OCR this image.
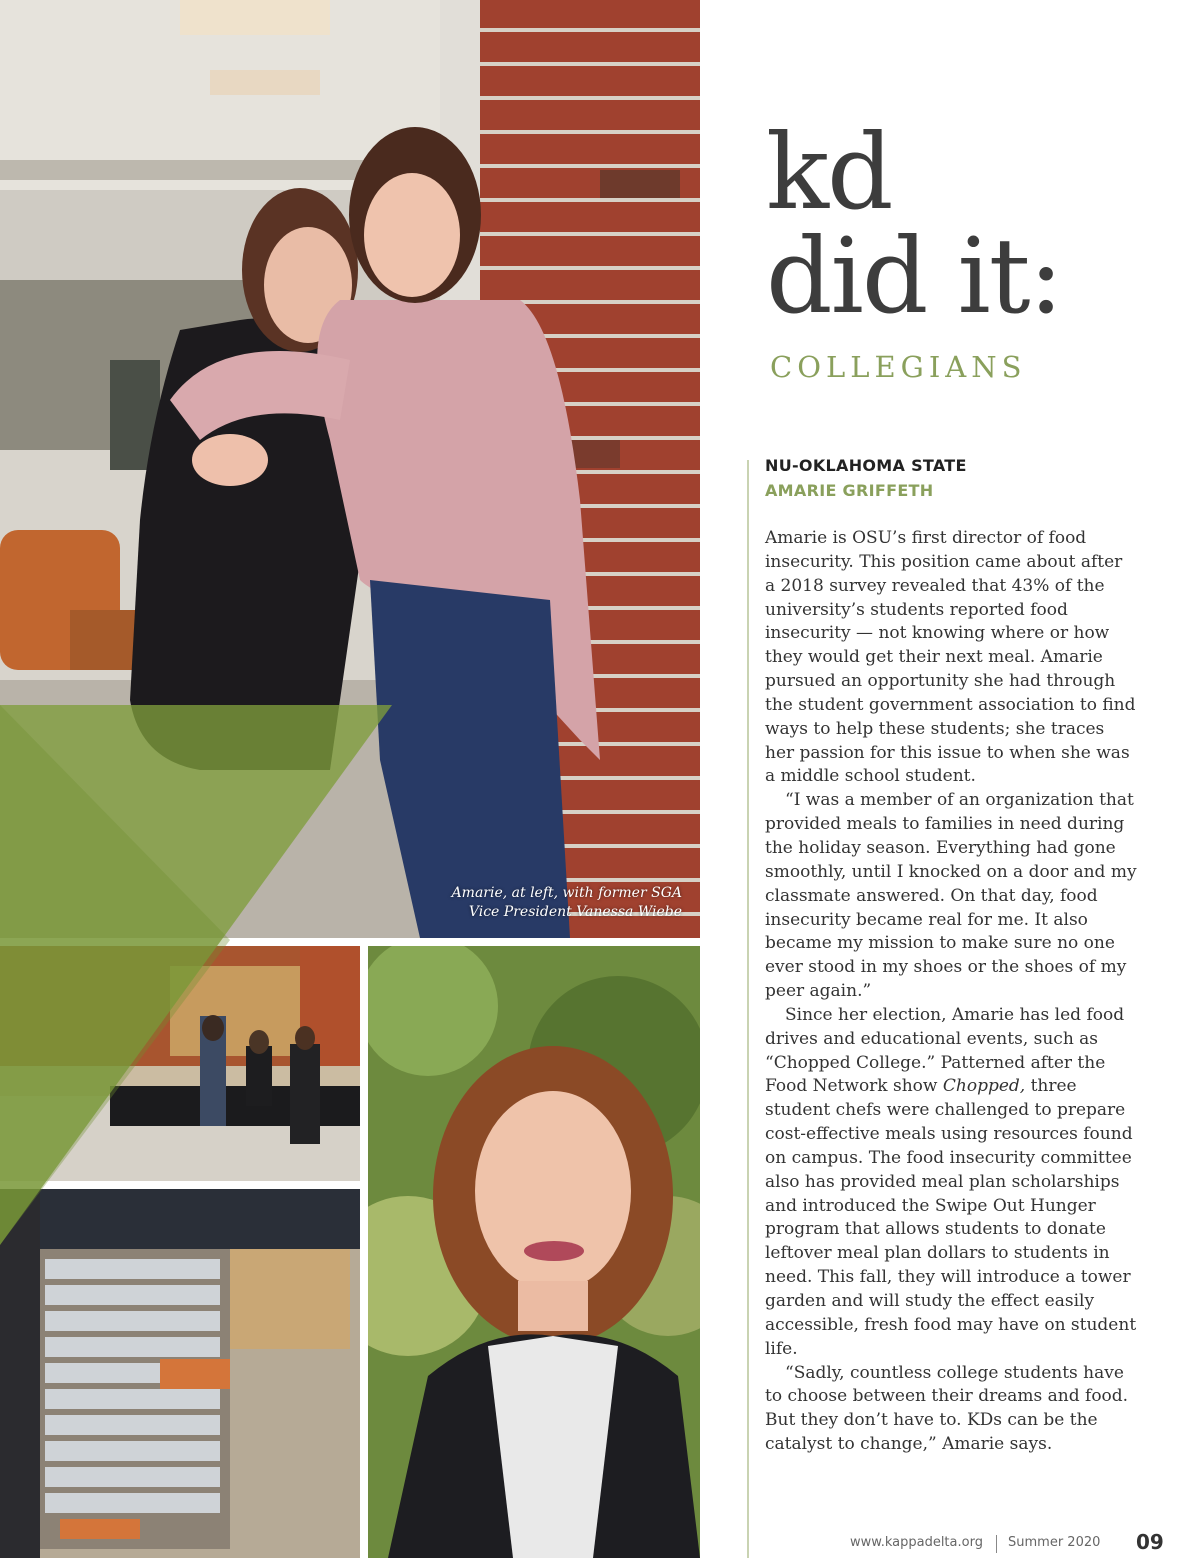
Amarie, at left, with former SGA
Vice President Vanessa Wiebe
kd
did it:
COLLEGIANS
NU-OKLAHOMA STATE
AMARIE GRIFFETH

Amarie is OSU’s first director of food insecurity. This position came about after a 2018 survey revealed that 43% of the university’s students reported food insecurity — not knowing where or how they would get their next meal. Amarie pursued an opportunity she had through the student government association to find ways to help these students; she traces her passion for this issue to when she was a middle school student.

“I was a member of an organization that provided meals to families in need during the holiday season. Everything had gone smoothly, until I knocked on a door and my classmate answered. On that day, food insecurity became real for me. It also became my mission to make sure no one ever stood in my shoes or the shoes of my peer again.”

Since her election, Amarie has led food drives and educational events, such as “Chopped College.” Patterned after the Food Network show Chopped, three student chefs were challenged to prepare cost-effective meals using resources found on campus. The food insecurity committee also has provided meal plan scholarships and introduced the Swipe Out Hunger program that allows students to donate leftover meal plan dollars to students in need. This fall, they will introduce a tower garden and will study the effect easily accessible, fresh food may have on student life.

“Sadly, countless college students have to choose between their dreams and food. But they don’t have to. KDs can be the catalyst to change,” Amarie says.

www.kappadelta.org Summer 2020 09
